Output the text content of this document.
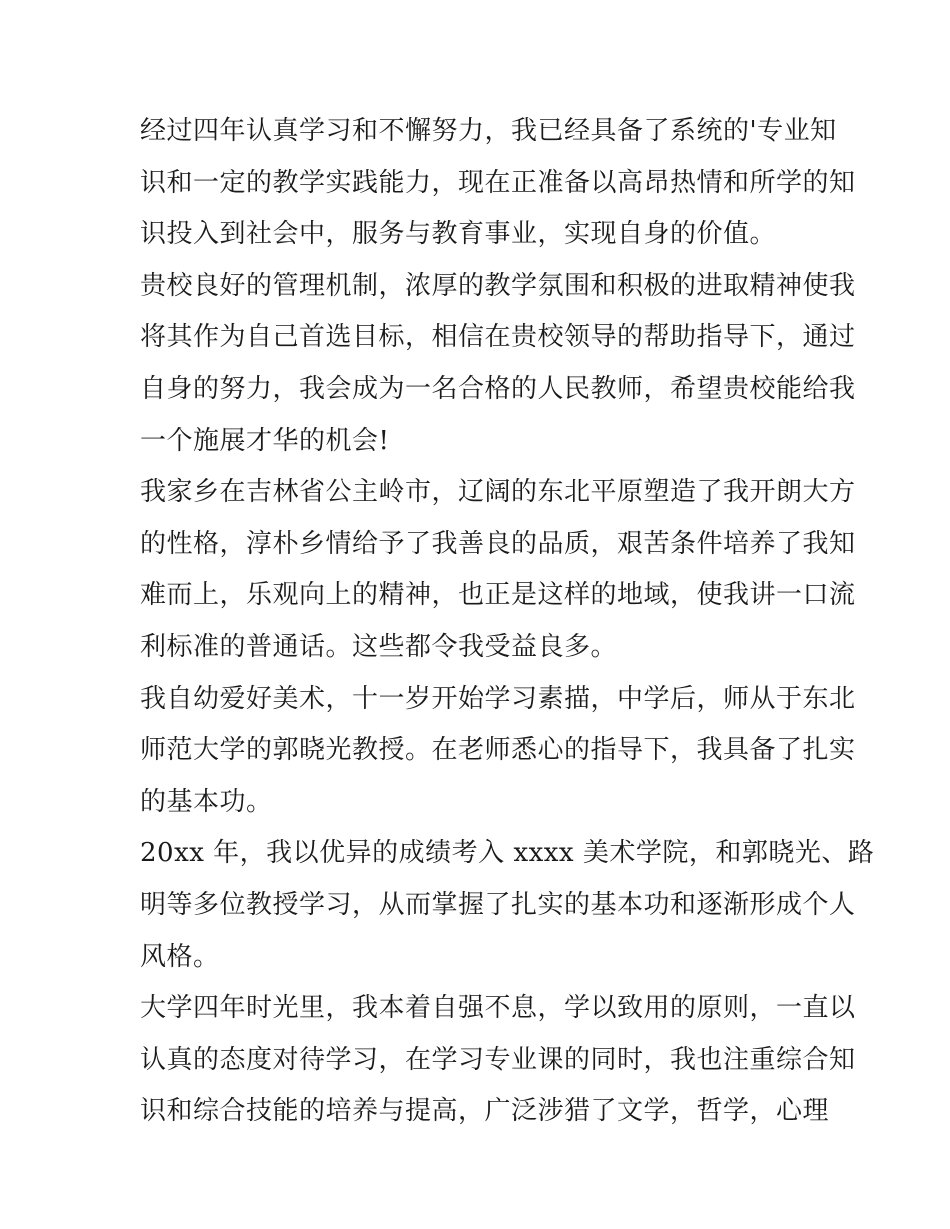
经过四年认真学习和不懈努力，我已经具备了系统的'专业知
识和一定的教学实践能力，现在正准备以高昂热情和所学的知
识投入到社会中，服务与教育事业，实现自身的价值。
贵校良好的管理机制，浓厚的教学氛围和积极的进取精神使我
将其作为自己首选目标，相信在贵校领导的帮助指导下，通过
自身的努力，我会成为一名合格的人民教师，希望贵校能给我
一个施展才华的机会!
我家乡在吉林省公主岭市，辽阔的东北平原塑造了我开朗大方
的性格，淳朴乡情给予了我善良的品质，艰苦条件培养了我知
难而上，乐观向上的精神，也正是这样的地域，使我讲一口流
利标准的普通话。这些都令我受益良多。
我自幼爱好美术，十一岁开始学习素描，中学后，师从于东北
师范大学的郭晓光教授。在老师悉心的指导下，我具备了扎实
的基本功。
20xx 年，我以优异的成绩考入 xxxx 美术学院，和郭晓光、路
明等多位教授学习，从而掌握了扎实的基本功和逐渐形成个人
风格。
大学四年时光里，我本着自强不息，学以致用的原则，一直以
认真的态度对待学习，在学习专业课的同时，我也注重综合知
识和综合技能的培养与提高，广泛涉猎了文学，哲学，心理
